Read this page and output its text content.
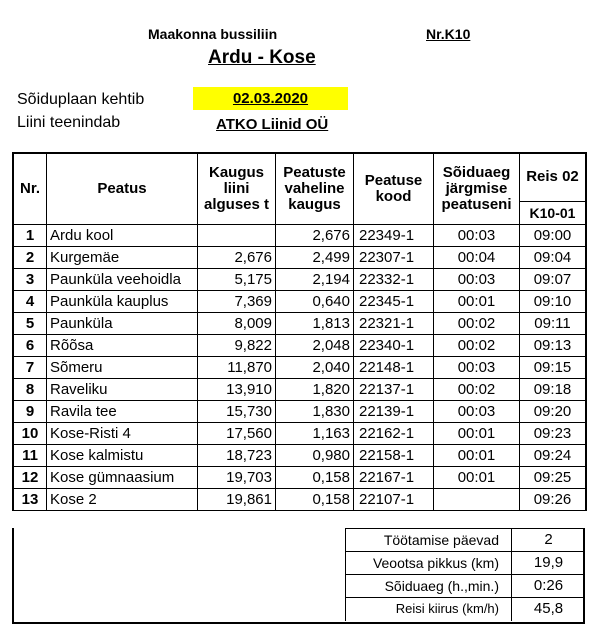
Maakonna bussiliin	Nr.K10
Ardu - Kose
Sõiduplaan kehtib	02.03.2020
Liini teenindab	ATKO Liinid OÜ
Nr.	Peatus	Kaugus liini alguses t	Peatuste vaheline kaugus	Peatuse kood	Sõiduaeg järgmise peatuseni	Reis 02
						K10-01
1	Ardu kool		2,676	22349-1	00:03	09:00
2	Kurgemäe	2,676	2,499	22307-1	00:04	09:04
3	Paunküla veehoidla	5,175	2,194	22332-1	00:03	09:07
4	Paunküla kauplus	7,369	0,640	22345-1	00:01	09:10
5	Paunküla	8,009	1,813	22321-1	00:02	09:11
6	Rõõsa	9,822	2,048	22340-1	00:02	09:13
7	Sõmeru	11,870	2,040	22148-1	00:03	09:15
8	Raveliku	13,910	1,820	22137-1	00:02	09:18
9	Ravila tee	15,730	1,830	22139-1	00:03	09:20
10	Kose-Risti 4	17,560	1,163	22162-1	00:01	09:23
11	Kose kalmistu	18,723	0,980	22158-1	00:01	09:24
12	Kose gümnaasium	19,703	0,158	22167-1	00:01	09:25
13	Kose 2	19,861	0,158	22107-1		09:26
Töötamise päevad	2
Veootsa pikkus (km)	19,9
Sõiduaeg (h.,min.)	0:26
Reisi kiirus (km/h)	45,8
